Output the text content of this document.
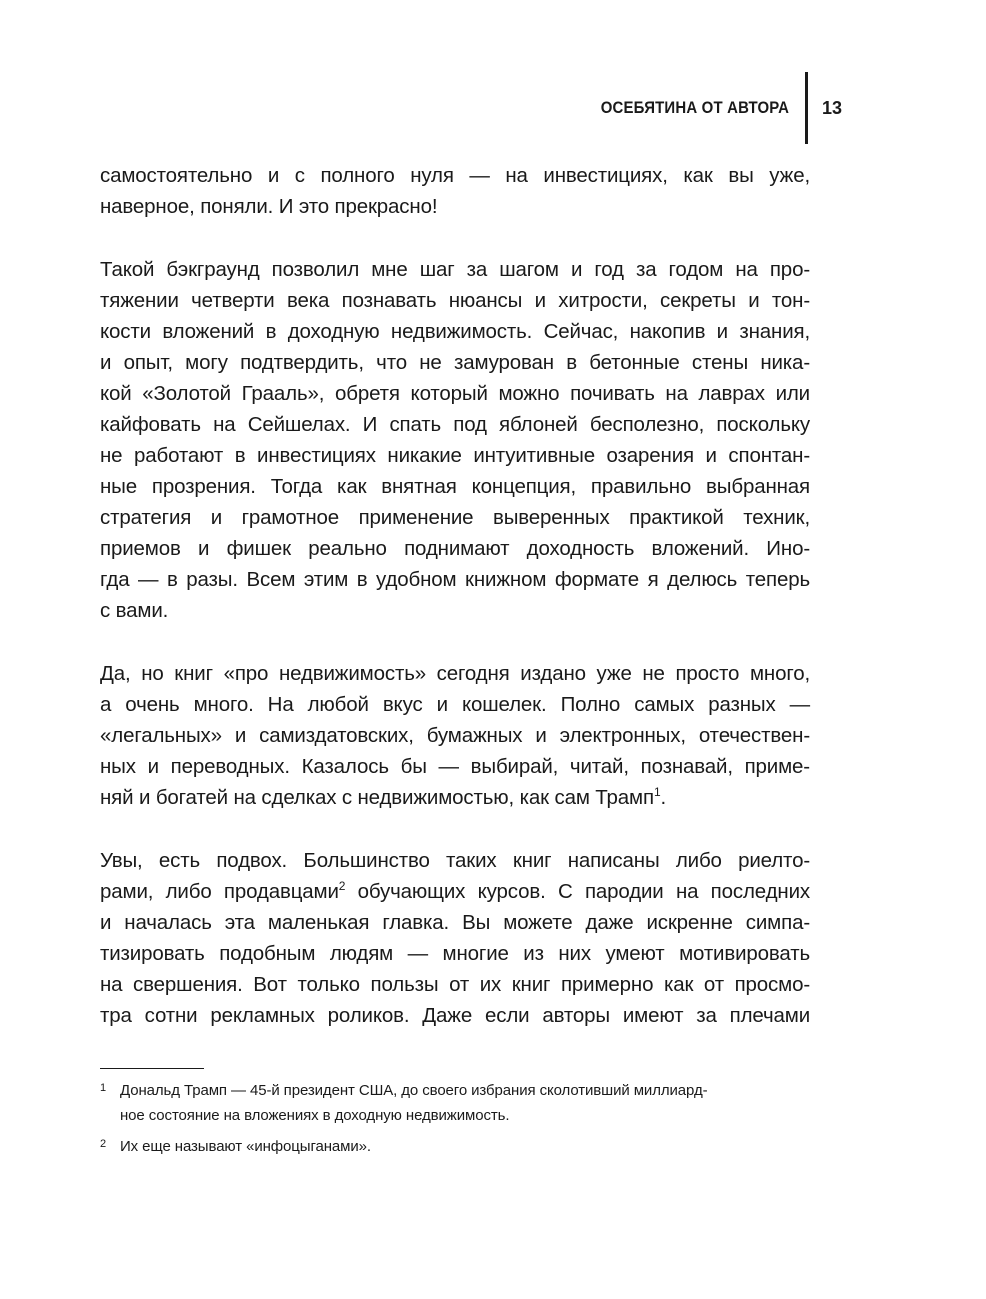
ОСЕБЯТИНА ОТ АВТОРА 13

самостоятельно и с полного нуля — на инвестициях, как вы уже,
наверное, поняли. И это прекрасно!

Такой бэкграунд позволил мне шаг за шагом и год за годом на про-
тяжении четверти века познавать нюансы и хитрости, секреты и тон-
кости вложений в доходную недвижимость. Сейчас, накопив и знания,
и опыт, могу подтвердить, что не замурован в бетонные стены ника-
кой «Золотой Грааль», обретя который можно почивать на лаврах или
кайфовать на Сейшелах. И спать под яблоней бесполезно, поскольку
не работают в инвестициях никакие интуитивные озарения и спонтан-
ные прозрения. Тогда как внятная концепция, правильно выбранная
стратегия и грамотное применение выверенных практикой техник,
приемов и фишек реально поднимают доходность вложений. Ино-
гда — в разы. Всем этим в удобном книжном формате я делюсь теперь
с вами.

Да, но книг «про недвижимость» сегодня издано уже не просто много,
а очень много. На любой вкус и кошелек. Полно самых разных —
«легальных» и самиздатовских, бумажных и электронных, отечествен-
ных и переводных. Казалось бы — выбирай, читай, познавай, приме-
няй и богатей на сделках с недвижимостью, как сам Трамп$^1$.

Увы, есть подвох. Большинство таких книг написаны либо риелто-
рами, либо продавцами$^2$ обучающих курсов. С пародии на последних
и началась эта маленькая главка. Вы можете даже искренне симпа-
тизировать подобным людям — многие из них умеют мотивировать
на свершения. Вот только пользы от их книг примерно как от просмо-
тра сотни рекламных роликов. Даже если авторы имеют за плечами

1 Дональд Трамп — 45-й президент США, до своего избрания сколотивший миллиард-
ное состояние на вложениях в доходную недвижимость.
2 Их еще называют «инфоцыганами».
